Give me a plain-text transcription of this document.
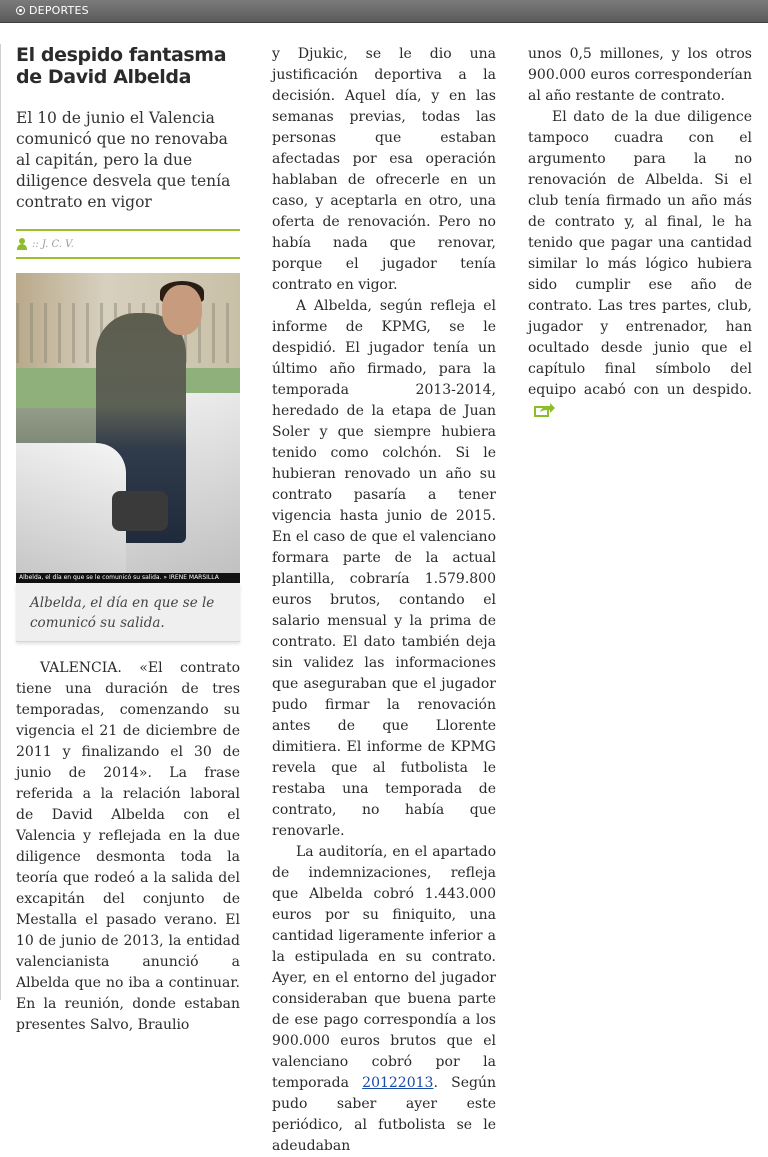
DEPORTES
El despido fantasma de David Albelda
El 10 de junio el Valencia comunicó que no renovaba al capitán, pero la due diligence desvela que tenía contrato en vigor
:: J. C. V.
Albelda, el día en que se le comunicó su salida. » IRENE MARSILLA
Albelda, el día en que se le comunicó su salida.

VALENCIA. «El contrato tiene una duración de tres temporadas, comenzando su vigencia el 21 de diciembre de 2011 y finalizando el 30 de junio de 2014». La frase referida a la relación laboral de David Albelda con el Valencia y reflejada en la due diligence desmonta toda la teoría que rodeó a la salida del excapitán del conjunto de Mestalla el pasado verano. El 10 de junio de 2013, la entidad valencianista anunció a Albelda que no iba a continuar. En la reunión, donde estaban presentes Salvo, Braulio

y Djukic, se le dio una justificación deportiva a la decisión. Aquel día, y en las semanas previas, todas las personas que estaban afectadas por esa operación hablaban de ofrecerle en un caso, y aceptarla en otro, una oferta de renovación. Pero no había nada que renovar, porque el jugador tenía contrato en vigor.

A Albelda, según refleja el informe de KPMG, se le despidió. El jugador tenía un último año firmado, para la temporada 2013-2014, heredado de la etapa de Juan Soler y que siempre hubiera tenido como colchón. Si le hubieran renovado un año su contrato pasaría a tener vigencia hasta junio de 2015. En el caso de que el valenciano formara parte de la actual plantilla, cobraría 1.579.800 euros brutos, contando el salario mensual y la prima de contrato. El dato también deja sin validez las informaciones que aseguraban que el jugador pudo firmar la renovación antes de que Llorente dimitiera. El informe de KPMG revela que al futbolista le restaba una temporada de contrato, no había que renovarle.

La auditoría, en el apartado de indemnizaciones, refleja que Albelda cobró 1.443.000 euros por su finiquito, una cantidad ligeramente inferior a la estipulada en su contrato. Ayer, en el entorno del jugador consideraban que buena parte de ese pago correspondía a los 900.000 euros brutos que el valenciano cobró por la temporada 20122013. Según pudo saber ayer este periódico, al futbolista se le adeudaban

unos 0,5 millones, y los otros 900.000 euros corresponderían al año restante de contrato.

El dato de la due diligence tampoco cuadra con el argumento para la no renovación de Albelda. Si el club tenía firmado un año más de contrato y, al final, le ha tenido que pagar una cantidad similar lo más lógico hubiera sido cumplir ese año de contrato. Las tres partes, club, jugador y entrenador, han ocultado desde junio que el capítulo final símbolo del equipo acabó con un despido.
